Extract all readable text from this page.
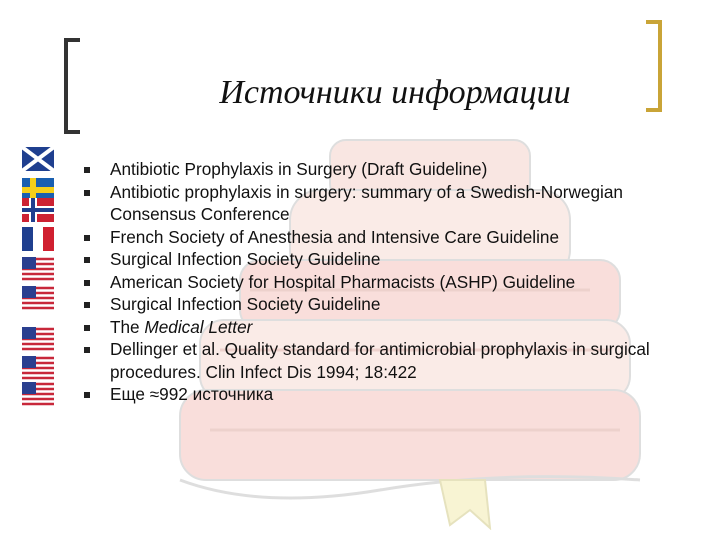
Источники информации
Antibiotic Prophylaxis in Surgery (Draft Guideline)
Antibiotic prophylaxis in surgery: summary of a Swedish-Norwegian Consensus Conference
French Society of Anesthesia and Intensive Care Guideline
Surgical Infection Society Guideline
American Society for Hospital Pharmacists (ASHP) Guideline
Surgical Infection Society Guideline
The Medical Letter
Dellinger et al. Quality standard for antimicrobial prophylaxis in surgical procedures. Clin Infect Dis 1994; 18:422
Еще ≈992 источника
